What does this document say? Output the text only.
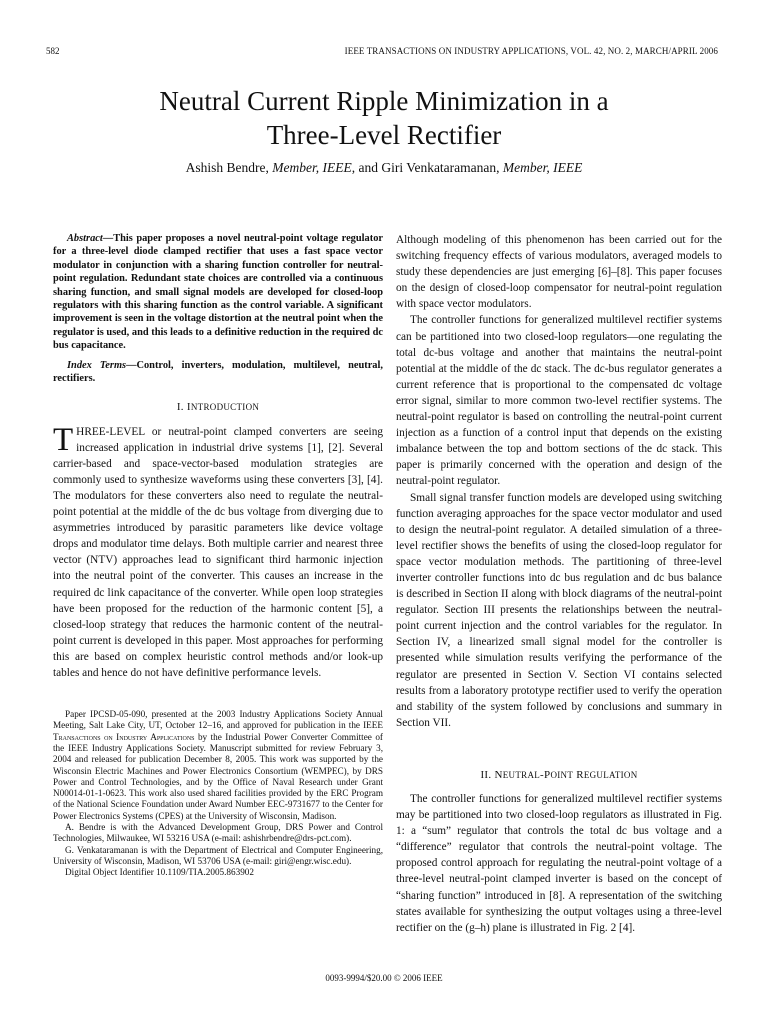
582	IEEE TRANSACTIONS ON INDUSTRY APPLICATIONS, VOL. 42, NO. 2, MARCH/APRIL 2006
Neutral Current Ripple Minimization in a
Three-Level Rectifier
Ashish Bendre, Member, IEEE, and Giri Venkataramanan, Member, IEEE

Abstract—This paper proposes a novel neutral-point voltage regulator for a three-level diode clamped rectifier that uses a fast space vector modulator in conjunction with a sharing function controller for neutral-point regulation. Redundant state choices are controlled via a continuous sharing function, and small signal models are developed for closed-loop regulators with this sharing function as the control variable. A significant improvement is seen in the voltage distortion at the neutral point when the regulator is used, and this leads to a definitive reduction in the required dc bus capacitance.

Index Terms—Control, inverters, modulation, multilevel, neutral, rectifiers.

I. INTRODUCTION

THREE-LEVEL or neutral-point clamped converters are seeing increased application in industrial drive systems [1], [2]. Several carrier-based and space-vector-based modulation strategies are commonly used to synthesize waveforms using these converters [3], [4]. The modulators for these converters also need to regulate the neutral-point potential at the middle of the dc bus voltage from diverging due to asymmetries introduced by parasitic parameters like device voltage drops and modulator time delays. Both multiple carrier and nearest three vector (NTV) approaches lead to significant third harmonic injection into the neutral point of the converter. This causes an increase in the required dc link capacitance of the converter. While open loop strategies have been proposed for the reduction of the harmonic content [5], a closed-loop strategy that reduces the harmonic content of the neutral-point current is developed in this paper. Most approaches for performing this are based on complex heuristic control methods and/or look-up tables and hence do not have definitive performance levels.

Paper IPCSD-05-090, presented at the 2003 Industry Applications Society Annual Meeting, Salt Lake City, UT, October 12–16, and approved for publication in the IEEE Transactions on Industry Applications by the Industrial Power Converter Committee of the IEEE Industry Applications Society. Manuscript submitted for review February 3, 2004 and released for publication December 8, 2005. This work was supported by the Wisconsin Electric Machines and Power Electronics Consortium (WEMPEC), by DRS Power and Control Technologies, and by the Office of Naval Research under Grant N00014-01-1-0623. This work also used shared facilities provided by the ERC Program of the National Science Foundation under Award Number EEC-9731677 to the Center for Power Electronics Systems (CPES) at the University of Wisconsin, Madison.

A. Bendre is with the Advanced Development Group, DRS Power and Control Technologies, Milwaukee, WI 53216 USA (e-mail: ashishrbendre@drs-pct.com).

G. Venkataramanan is with the Department of Electrical and Computer Engineering, University of Wisconsin, Madison, WI 53706 USA (e-mail: giri@engr.wisc.edu).

Digital Object Identifier 10.1109/TIA.2005.863902

Although modeling of this phenomenon has been carried out for the switching frequency effects of various modulators, averaged models to study these dependencies are just emerging [6]–[8]. This paper focuses on the design of closed-loop compensator for neutral-point regulation with space vector modulators.

The controller functions for generalized multilevel rectifier systems can be partitioned into two closed-loop regulators—one regulating the total dc-bus voltage and another that maintains the neutral-point potential at the middle of the dc stack. The dc-bus regulator generates a current reference that is proportional to the compensated dc voltage error signal, similar to more common two-level rectifier systems. The neutral-point regulator is based on controlling the neutral-point current injection as a function of a control input that depends on the existing imbalance between the top and bottom sections of the dc stack. This paper is primarily concerned with the operation and design of the neutral-point regulator.

Small signal transfer function models are developed using switching function averaging approaches for the space vector modulator and used to design the neutral-point regulator. A detailed simulation of a three-level rectifier shows the benefits of using the closed-loop regulator for space vector modulation methods. The partitioning of three-level inverter controller functions into dc bus regulation and dc bus balance is described in Section II along with block diagrams of the neutral-point regulator. Section III presents the relationships between the neutral-point current injection and the control variables for the regulator. In Section IV, a linearized small signal model for the controller is presented while simulation results verifying the performance of the regulator are presented in Section V. Section VI contains selected results from a laboratory prototype rectifier used to verify the operation and stability of the system followed by conclusions and summary in Section VII.

II. NEUTRAL-POINT REGULATION

The controller functions for generalized multilevel rectifier systems may be partitioned into two closed-loop regulators as illustrated in Fig. 1: a “sum” regulator that controls the total dc bus voltage and a “difference” regulator that controls the neutral-point voltage. The proposed control approach for regulating the neutral-point voltage of a three-level neutral-point clamped inverter is based on the concept of “sharing function” introduced in [8]. A representation of the switching states available for synthesizing the output voltages using a three-level rectifier on the (g–h) plane is illustrated in Fig. 2 [4].

0093-9994/$20.00 © 2006 IEEE
